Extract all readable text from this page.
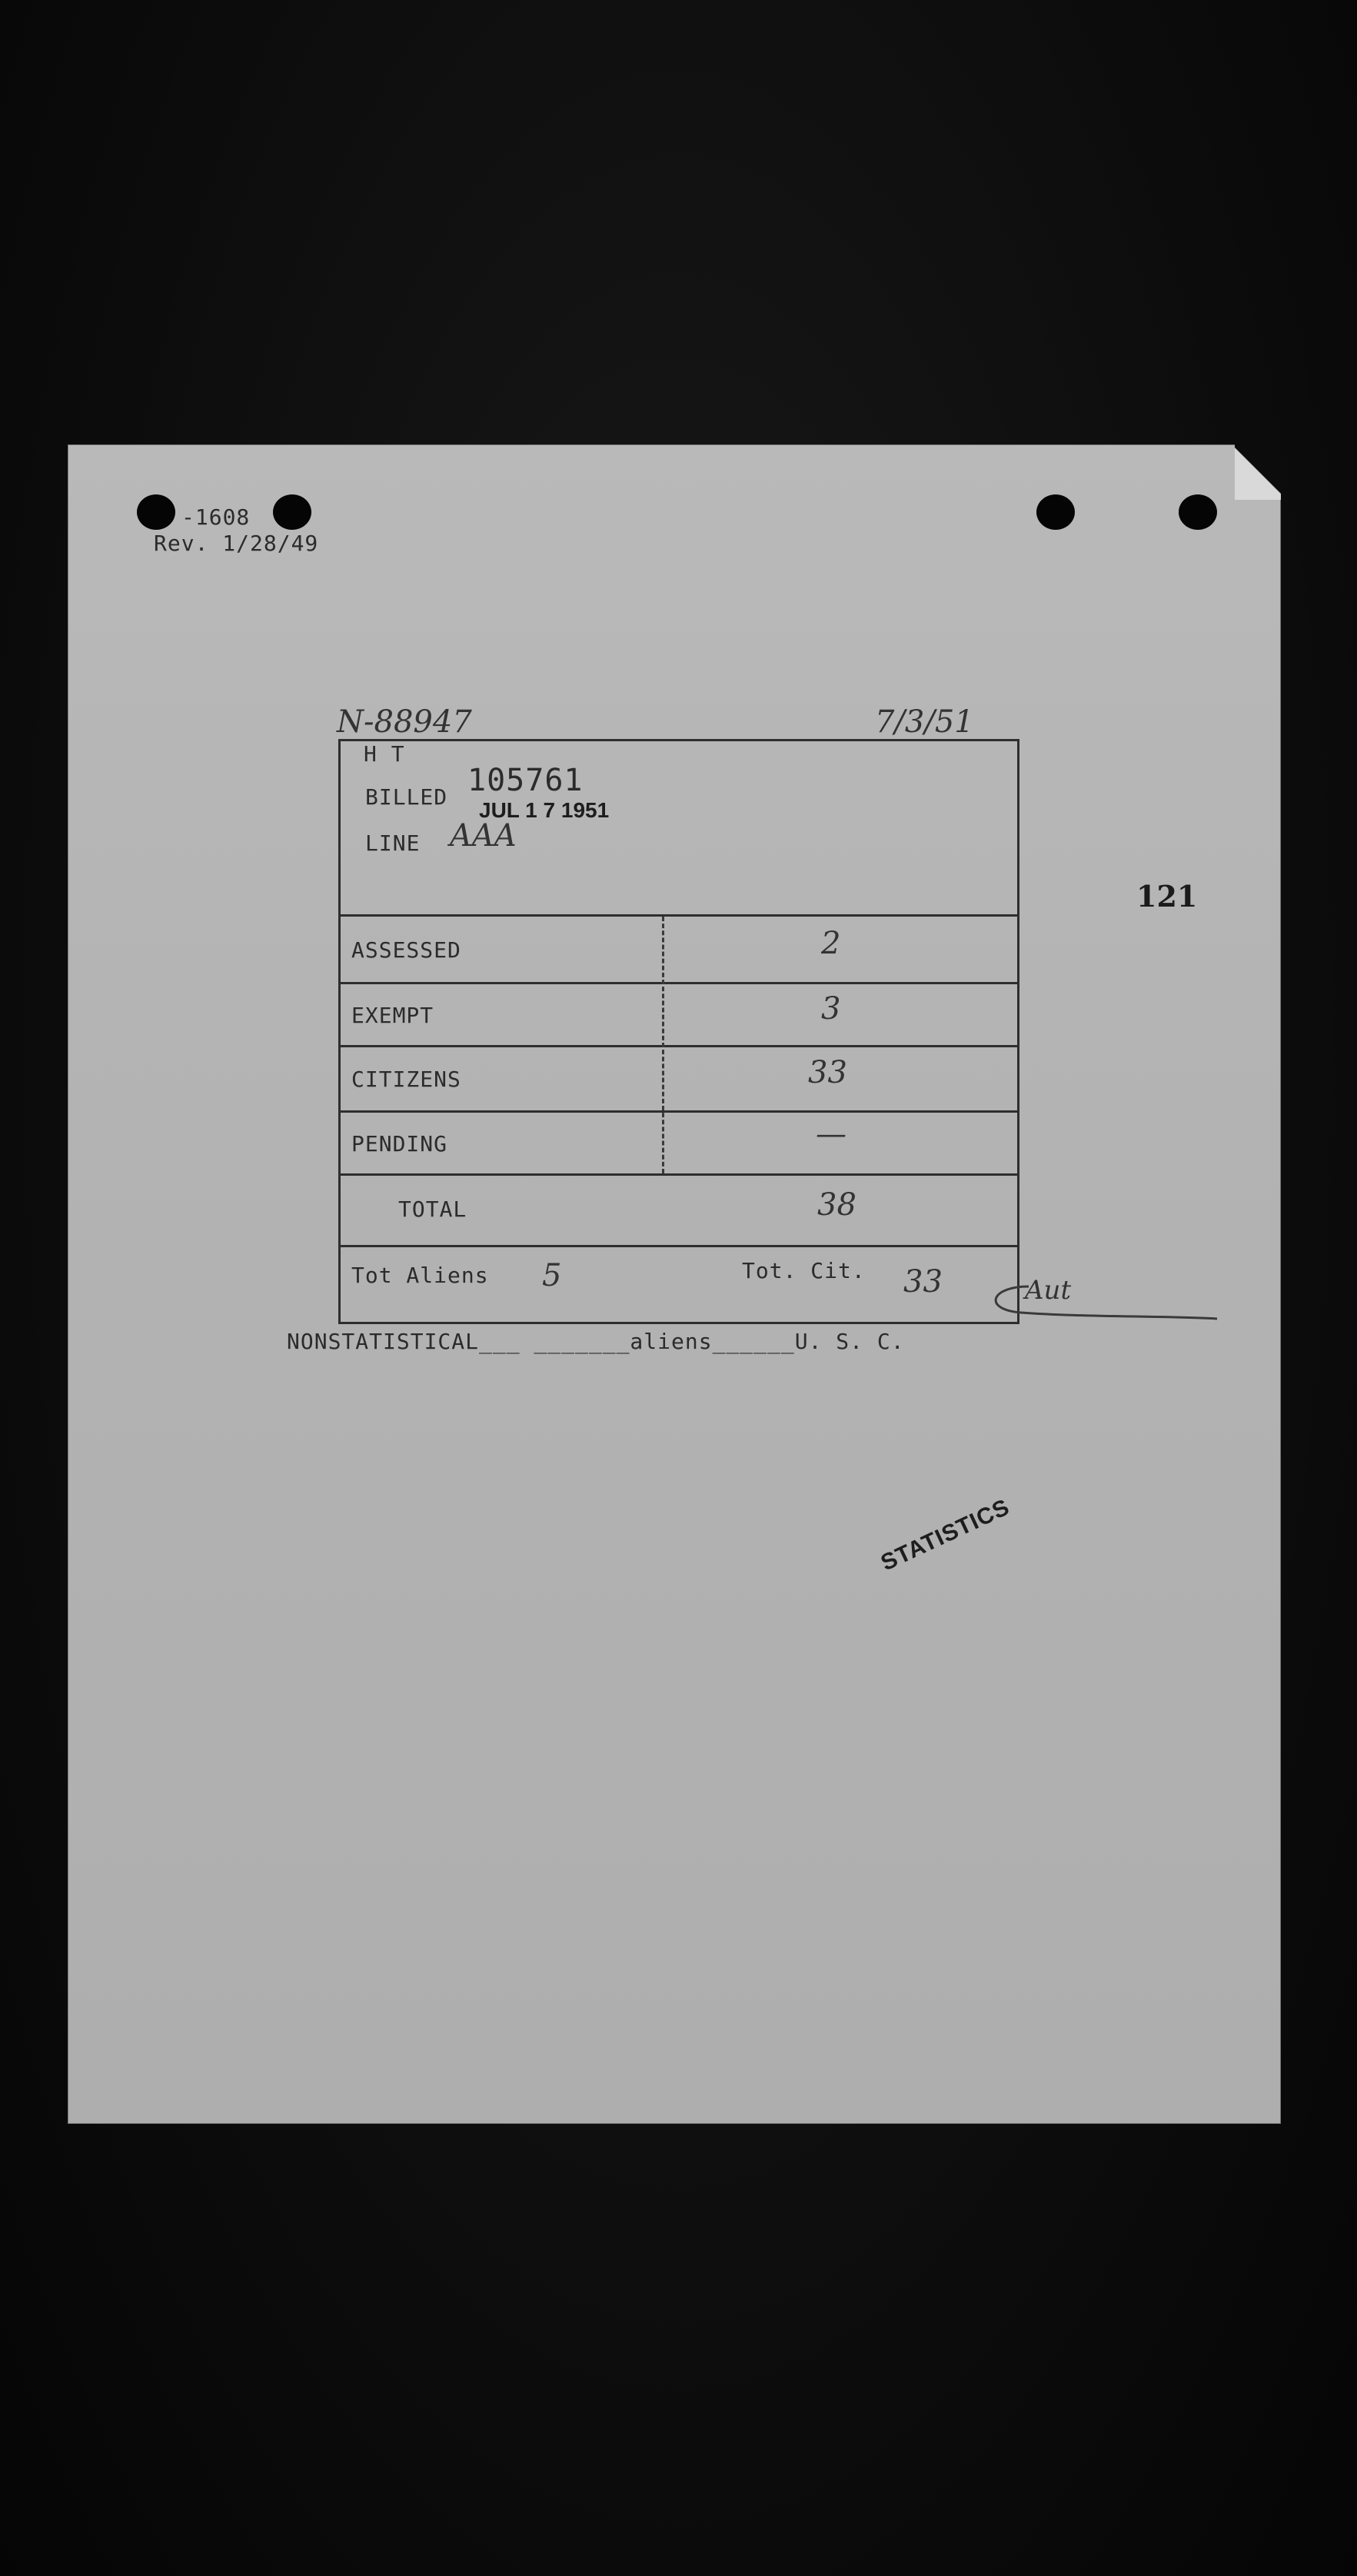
-1608
Rev. 1/28/49
N-88947	7/3/51
121
H T
BILLED 105761
JUL 1 7 1951
LINE AAA
ASSESSED	2
EXEMPT	3
CITIZENS	33
PENDING	—
TOTAL	38
Tot Aliens 5	Tot. Cit. 33	Aut
NONSTATISTICAL___ _______aliens______U. S. C.
STATISTICS
